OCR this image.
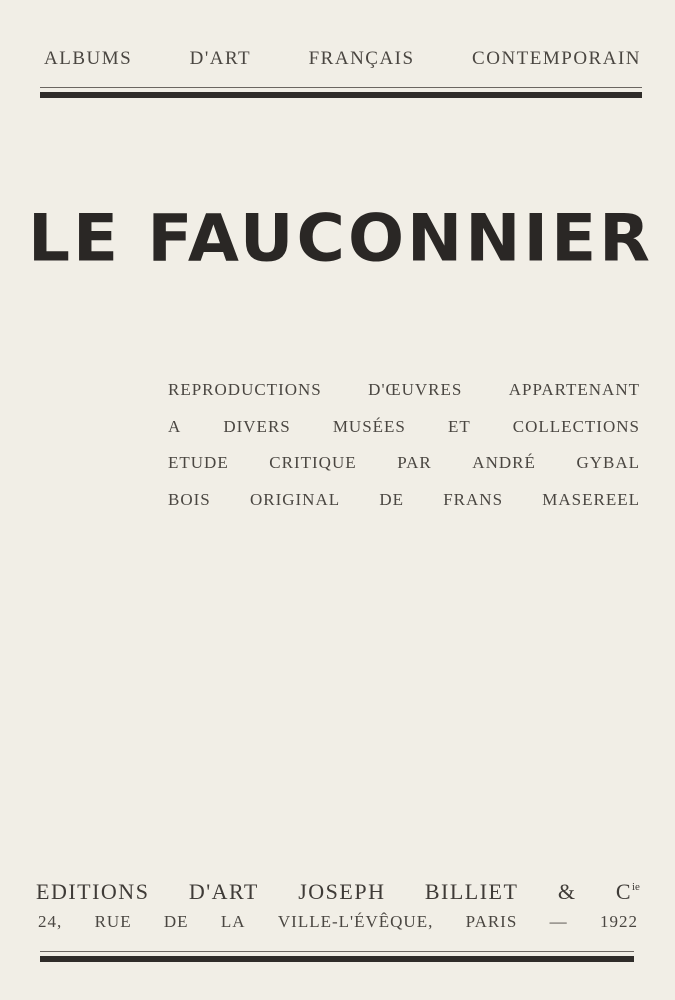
ALBUMS	D'ART	FRANÇAIS	CONTEMPORAIN
LE FAUCONNIER
REPRODUCTIONS	D'ŒUVRES	APPARTENANT
A DIVERS MUSÉES ET COLLECTIONS
ETUDE CRITIQUE PAR ANDRÉ GYBAL
BOIS ORIGINAL DE FRANS MASEREEL
EDITIONS D'ART JOSEPH BILLIET & $C^{ie}$
24, RUE DE LA VILLE-L'ÉVÊQUE, PARIS — 1922
